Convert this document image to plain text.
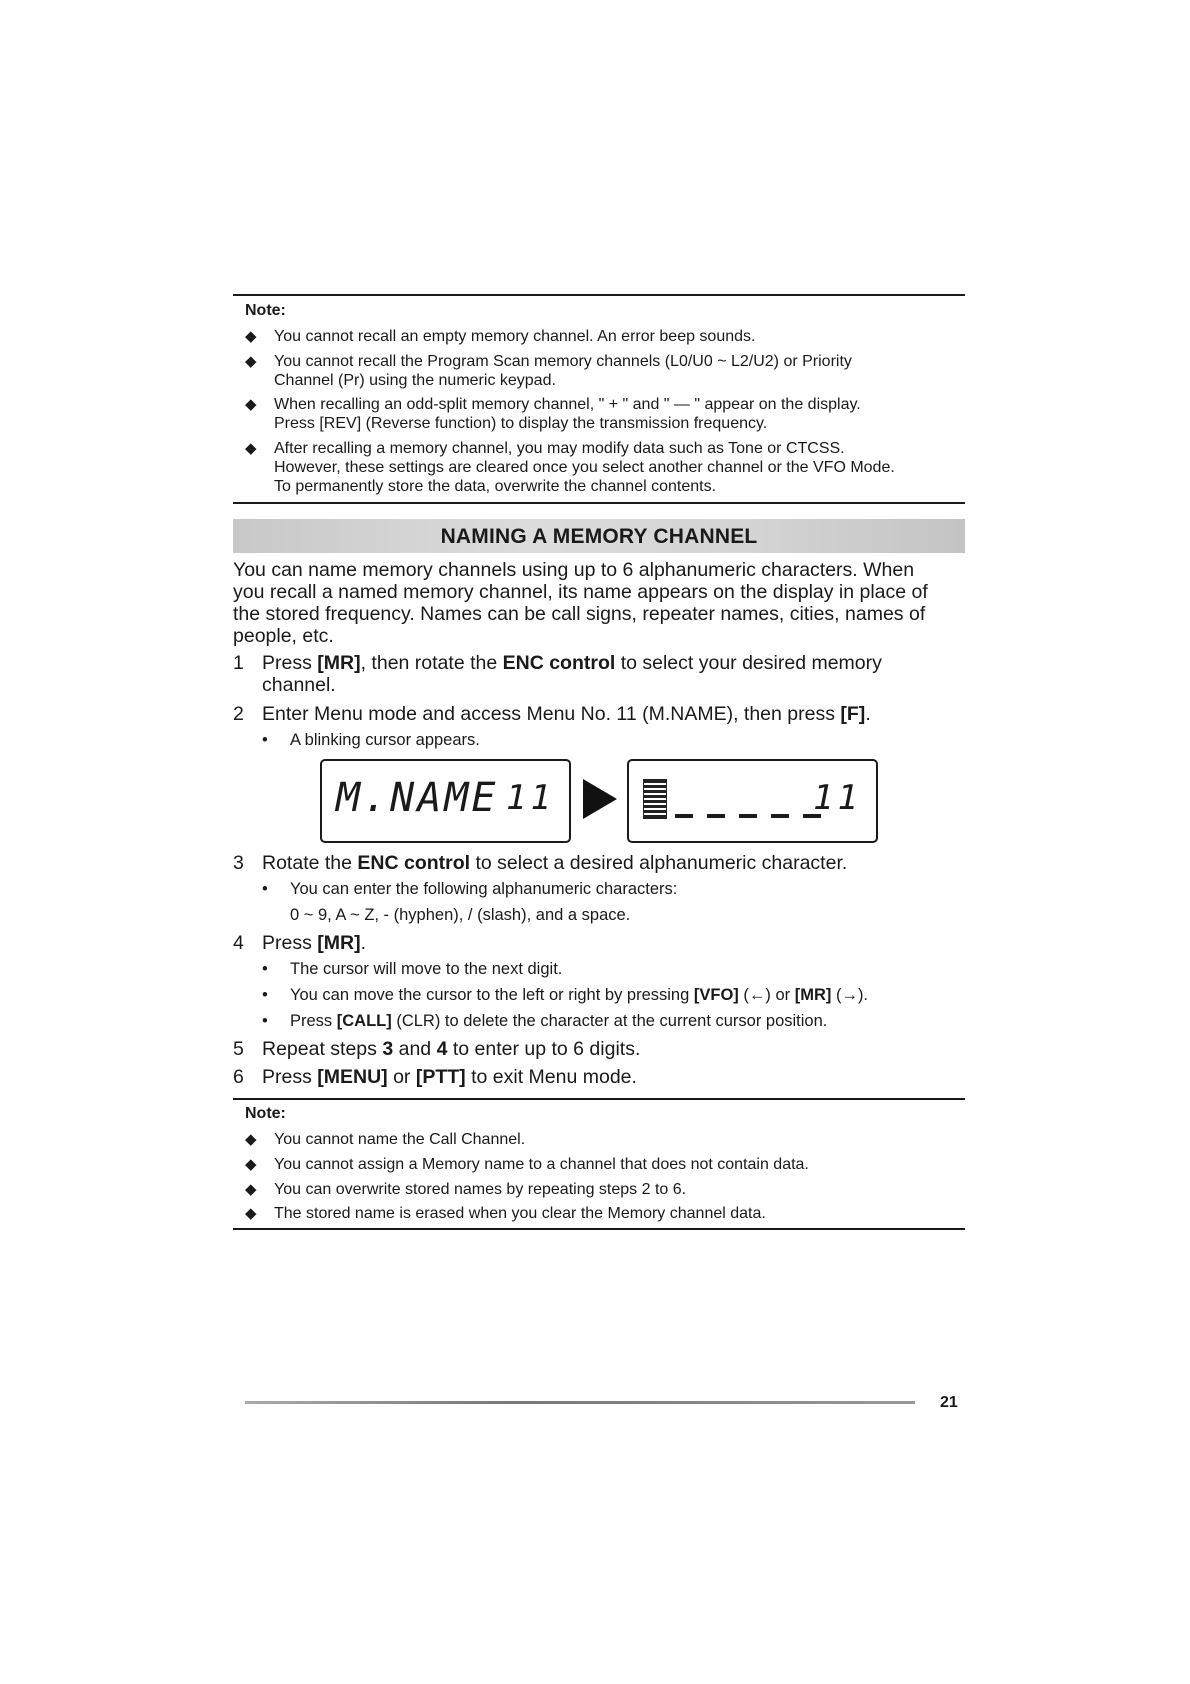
Note:
◆ You cannot recall an empty memory channel. An error beep sounds.
◆ You cannot recall the Program Scan memory channels (L0/U0 ~ L2/U2) or Priority
Channel (Pr) using the numeric keypad.
◆ When recalling an odd-split memory channel, " + " and " — " appear on the display.
Press [REV] (Reverse function) to display the transmission frequency.
◆ After recalling a memory channel, you may modify data such as Tone or CTCSS.
However, these settings are cleared once you select another channel or the VFO Mode.
To permanently store the data, overwrite the channel contents.
NAMING A MEMORY CHANNEL
You can name memory channels using up to 6 alphanumeric characters. When
you recall a named memory channel, its name appears on the display in place of
the stored frequency. Names can be call signs, repeater names, cities, names of
people, etc.
1 Press [MR], then rotate the ENC control to select your desired memory
channel.
2 Enter Menu mode and access Menu No. 11 (M.NAME), then press [F].
• A blinking cursor appears.
M.NAME 11	11
3 Rotate the ENC control to select a desired alphanumeric character.
• You can enter the following alphanumeric characters:
0 ~ 9, A ~ Z, - (hyphen), / (slash), and a space.
4 Press [MR].
• The cursor will move to the next digit.
• You can move the cursor to the left or right by pressing [VFO] (←) or [MR] (→).
• Press [CALL] (CLR) to delete the character at the current cursor position.
5 Repeat steps 3 and 4 to enter up to 6 digits.
6 Press [MENU] or [PTT] to exit Menu mode.
Note:
◆ You cannot name the Call Channel.
◆ You cannot assign a Memory name to a channel that does not contain data.
◆ You can overwrite stored names by repeating steps 2 to 6.
◆ The stored name is erased when you clear the Memory channel data.
21
